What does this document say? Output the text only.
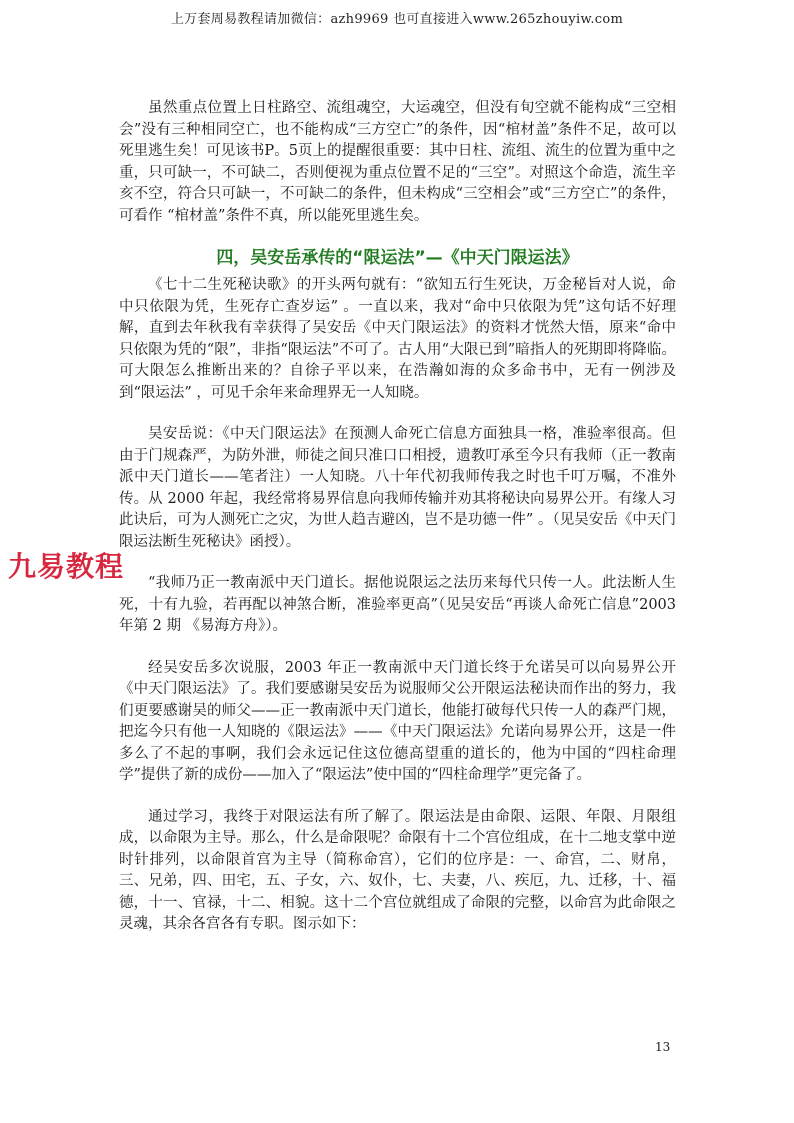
上万套周易教程请加微信：azh9969 也可直接进入www.265zhouyiw.com
九易教程

虽然重点位置上日柱路空、流组魂空，大运魂空，但没有旬空就不能构成“三空相会”没有三种相同空亡，也不能构成“三方空亡”的条件，因“棺材盖”条件不足，故可以死里逃生矣！可见该书P。5页上的提醒很重要：其中日柱、流组、流生的位置为重中之重，只可缺一，不可缺二，否则便视为重点位置不足的“三空”。对照这个命造，流生辛亥不空，符合只可缺一，不可缺二的条件，但未构成“三空相会”或“三方空亡”的条件，可看作 “棺材盖”条件不真，所以能死里逃生矣。

四，吴安岳承传的“限运法”—《中天门限运法》

《七十二生死秘诀歌》的开头两句就有：“欲知五行生死诀，万金秘旨对人说，命中只依限为凭，生死存亡查岁运” 。一直以来，我对“命中只依限为凭”这句话不好理解，直到去年秋我有幸获得了吴安岳《中天门限运法》的资料才恍然大悟，原来“命中只依限为凭的“限”，非指“限运法”不可了。古人用“大限已到”暗指人的死期即将降临。可大限怎么推断出来的？自徐子平以来，在浩瀚如海的众多命书中，无有一例涉及到“限运法” ，可见千余年来命理界无一人知晓。

吴安岳说：《中天门限运法》在预测人命死亡信息方面独具一格，准验率很高。但由于门规森严，为防外泄，师徒之间只准口口相授，遗教叮承至今只有我师（正一教南派中天门道长——笔者注）一人知晓。八十年代初我师传我之时也千叮万嘱，不准外传。从 2000 年起，我经常将易界信息向我师传输并劝其将秘诀向易界公开。有缘人习此诀后，可为人测死亡之灾，为世人趋吉避凶，岂不是功德一件” 。（见吴安岳《中天门限运法断生死秘诀》函授）。

“我师乃正一教南派中天门道长。据他说限运之法历来每代只传一人。此法断人生死，十有九验，若再配以神煞合断，准验率更高”（见吴安岳“再谈人命死亡信息”2003 年第 2 期 《易海方舟》）。

经吴安岳多次说服，2003 年正一教南派中天门道长终于允诺吴可以向易界公开《中天门限运法》了。我们要感谢吴安岳为说服师父公开限运法秘诀而作出的努力，我们更要感谢吴的师父——正一教南派中天门道长，他能打破每代只传一人的森严门规，把迄今只有他一人知晓的《限运法》——《中天门限运法》允诺向易界公开，这是一件多么了不起的事啊，我们会永远记住这位德高望重的道长的，他为中国的“四柱命理学”提供了新的成份——加入了“限运法”使中国的“四柱命理学”更完备了。

通过学习，我终于对限运法有所了解了。限运法是由命限、运限、年限、月限组成，以命限为主导。那么，什么是命限呢？命限有十二个宫位组成，在十二地支掌中逆时针排列，以命限首宫为主导（简称命宫），它们的位序是：一、命宫，二、财帛，三、兄弟，四、田宅，五、子女，六、奴仆，七、夫妻，八、疾厄，九、迁移，十、福德，十一、官禄，十二、相貌。这十二个宫位就组成了命限的完整，以命宫为此命限之灵魂，其余各宫各有专职。图示如下：

13
